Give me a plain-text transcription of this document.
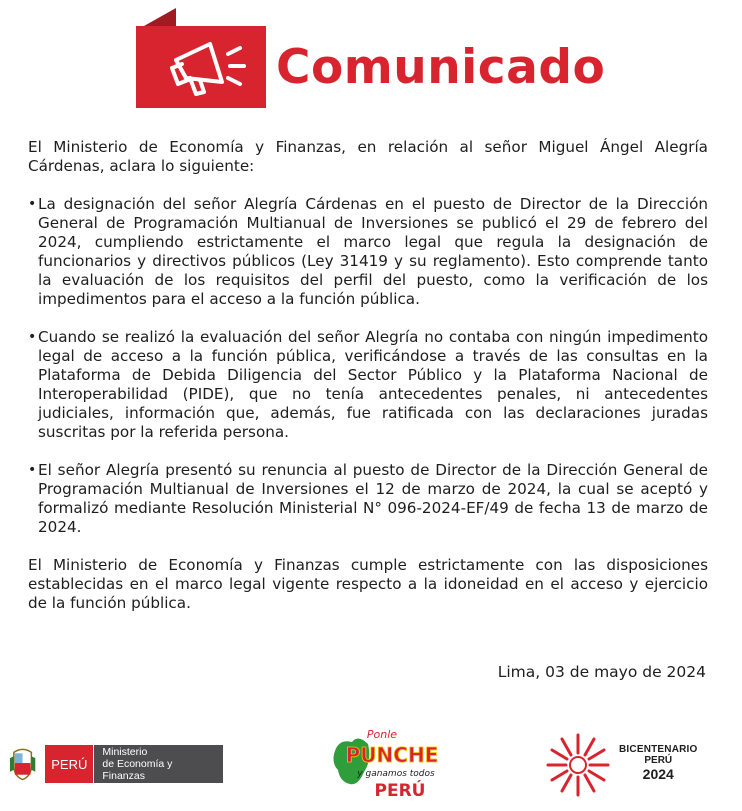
Comunicado

El Ministerio de Economía y Finanzas, en relación al señor Miguel Ángel Alegría Cárdenas, aclara lo siguiente:

• La designación del señor Alegría Cárdenas en el puesto de Director de la Dirección General de Programación Multianual de Inversiones se publicó el 29 de febrero del 2024, cumpliendo estrictamente el marco legal que regula la designación de funcionarios y directivos públicos (Ley 31419 y su reglamento). Esto comprende tanto la evaluación de los requisitos del perfil del puesto, como la verificación de los impedimentos para el acceso a la función pública.
• Cuando se realizó la evaluación del señor Alegría no contaba con ningún impedimento legal de acceso a la función pública, verificándose a través de las consultas en la Plataforma de Debida Diligencia del Sector Público y la Plataforma Nacional de Interoperabilidad (PIDE), que no tenía antecedentes penales, ni antecedentes judiciales, información que, además, fue ratificada con las declaraciones juradas suscritas por la referida persona.
• El señor Alegría presentó su renuncia al puesto de Director de la Dirección General de Programación Multianual de Inversiones el 12 de marzo de 2024, la cual se aceptó y formalizó mediante Resolución Ministerial N° 096-2024-EF/49 de fecha 13 de marzo de 2024.

El Ministerio de Economía y Finanzas cumple estrictamente con las disposiciones establecidas en el marco legal vigente respecto a la idoneidad en el acceso y ejercicio de la función pública.

Lima, 03 de mayo de 2024
PERÚ
Ministerio
de Economía y Finanzas
Ponle
PUNCHE
y ganamos todos
PERÚ
BICENTENARIO
PERÚ
2024
